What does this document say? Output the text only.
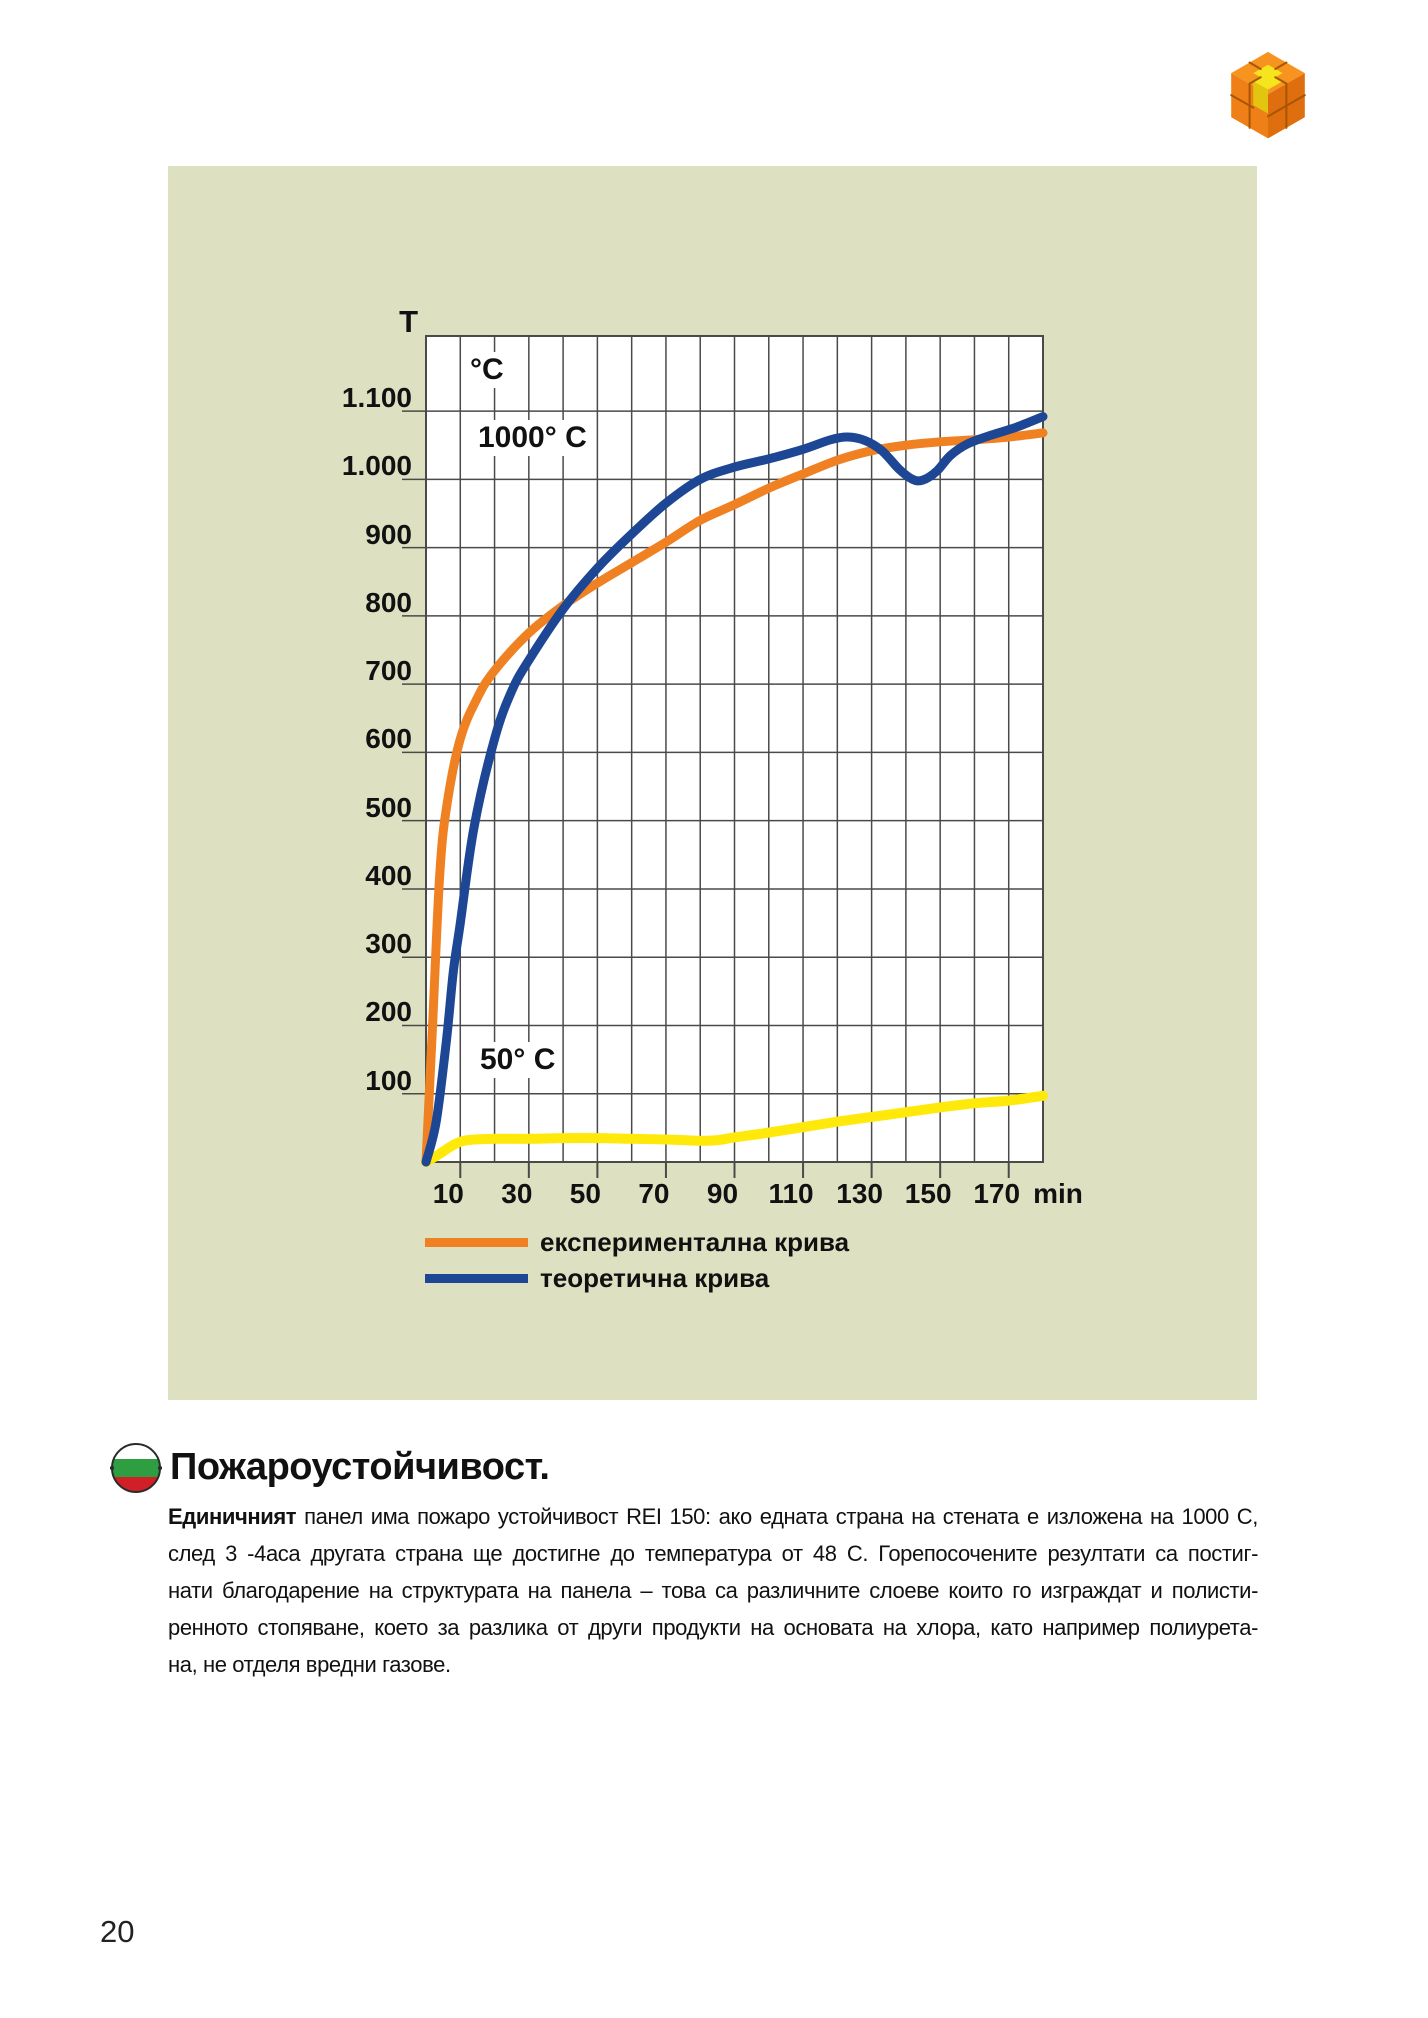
T
°C
1000° C
50° C
1.100
1.000
900
800
700
600
500
400
300
200
100
10	30	50	70	90	110 130 150 170 min
експериментална крива
теоретична крива
Пожароустойчивост.
Единичният панел има пожаро устойчивост REI 150: ако едната страна на стената е изложена на 1000 C,
след 3 -4аса другата страна ще достигне до температура от 48 C. Горепосочените резултати са постиг-
нати благодарение на структурата на панела – това са различните слоеве които го изграждат и полисти-
ренното стопяване, което за разлика от други продукти на основата на хлора, като например полиурета-
на, не отделя вредни газове.
20
